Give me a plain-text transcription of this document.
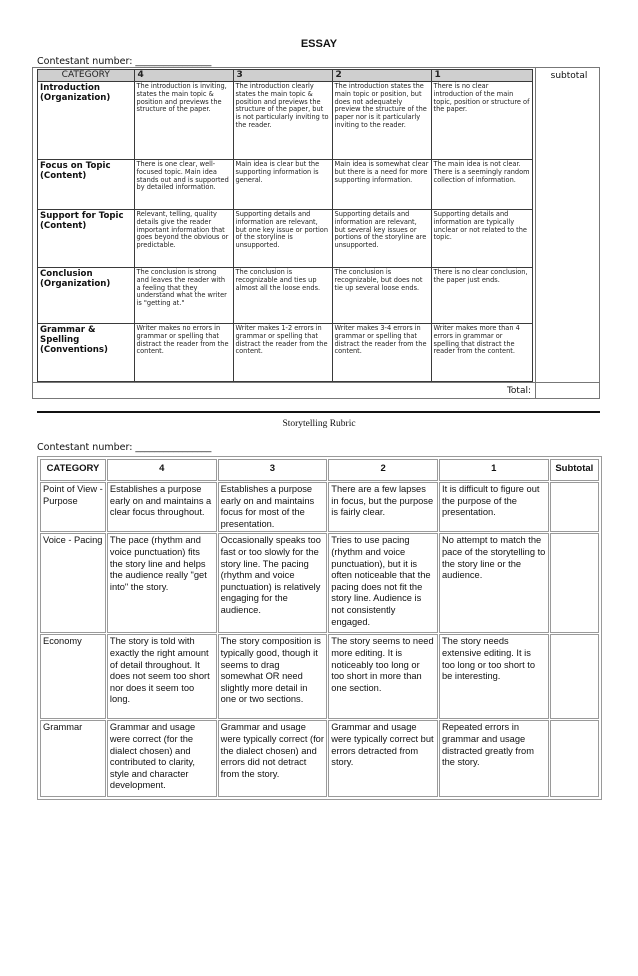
ESSAY
Contestant number: ________________
subtotal
Total:
CATEGORY	4	3	2	1
Introduction (Organization)	The introduction is inviting, states the main topic & position and previews the structure of the paper.	The introduction clearly states the main topic & position and previews the structure of the paper, but is not particularly inviting to the reader.	The introduction states the main topic or position, but does not adequately preview the structure of the paper nor is it particularly inviting to the reader.	There is no clear introduction of the main topic, position or structure of the paper.
Focus on Topic (Content)	There is one clear, well-focused topic. Main idea stands out and is supported by detailed information.	Main idea is clear but the supporting information is general.	Main idea is somewhat clear but there is a need for more supporting information.	The main idea is not clear. There is a seemingly random collection of information.
Support for Topic (Content)	Relevant, telling, quality details give the reader important information that goes beyond the obvious or predictable.	Supporting details and information are relevant, but one key issue or portion of the storyline is unsupported.	Supporting details and information are relevant, but several key issues or portions of the storyline are unsupported.	Supporting details and information are typically unclear or not related to the topic.
Conclusion (Organization)	The conclusion is strong and leaves the reader with a feeling that they understand what the writer is "getting at."	The conclusion is recognizable and ties up almost all the loose ends.	The conclusion is recognizable, but does not tie up several loose ends.	There is no clear conclusion, the paper just ends.
Grammar & Spelling (Conventions)	Writer makes no errors in grammar or spelling that distract the reader from the content.	Writer makes 1-2 errors in grammar or spelling that distract the reader from the content.	Writer makes 3-4 errors in grammar or spelling that distract the reader from the content.	Writer makes more than 4 errors in grammar or spelling that distract the reader from the content.
Storytelling Rubric
Contestant number: ________________
CATEGORY	4	3	2	1	Subtotal
Point of View - Purpose	Establishes a purpose early on and maintains a clear focus throughout.	Establishes a purpose early on and maintains focus for most of the presentation.	There are a few lapses in focus, but the purpose is fairly clear.	It is difficult to figure out the purpose of the presentation.	
Voice - Pacing	The pace (rhythm and voice punctuation) fits the story line and helps the audience really "get into" the story.	Occasionally speaks too fast or too slowly for the story line. The pacing (rhythm and voice punctuation) is relatively engaging for the audience.	Tries to use pacing (rhythm and voice punctuation), but it is often noticeable that the pacing does not fit the story line. Audience is not consistently engaged.	No attempt to match the pace of the storytelling to the story line or the audience.	
Economy	The story is told with exactly the right amount of detail throughout. It does not seem too short nor does it seem too long.	The story composition is typically good, though it seems to drag somewhat OR need slightly more detail in one or two sections.	The story seems to need more editing. It is noticeably too long or too short in more than one section.	The story needs extensive editing. It is too long or too short to be interesting.	
Grammar	Grammar and usage were correct (for the dialect chosen) and contributed to clarity, style and character development.	Grammar and usage were typically correct (for the dialect chosen) and errors did not detract from the story.	Grammar and usage were typically correct but errors detracted from story.	Repeated errors in grammar and usage distracted greatly from the story.	
